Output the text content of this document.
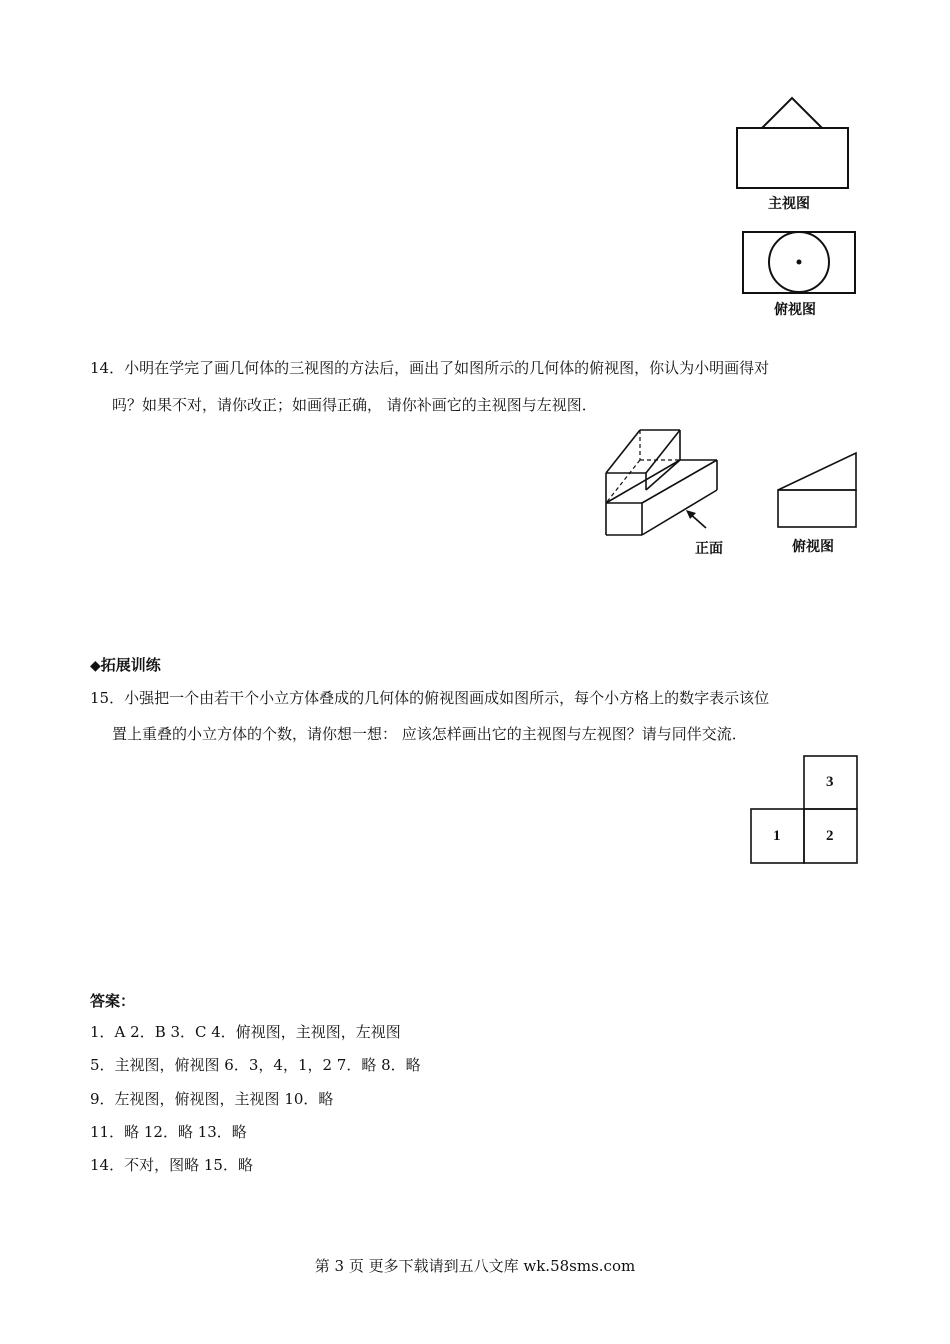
主视图
俯视图
14．小明在学完了画几何体的三视图的方法后，画出了如图所示的几何体的俯视图，你认为小明画得对
吗？如果不对，请你改正；如画得正确， 请你补画它的主视图与左视图．
正面	俯视图
◆拓展训练
15．小强把一个由若干个小立方体叠成的几何体的俯视图画成如图所示，每个小方格上的数字表示该位
置上重叠的小立方体的个数，请你想一想： 应该怎样画出它的主视图与左视图？请与同伴交流．
3
1	2
答案：
1．A 2．B 3．C 4．俯视图，主视图，左视图
5．主视图，俯视图 6．3，4，1，2 7．略 8．略
9．左视图，俯视图，主视图 10．略
11．略 12．略 13．略
14．不对，图略 15．略
第 3 页 更多下载请到五八文库 wk.58sms.com
